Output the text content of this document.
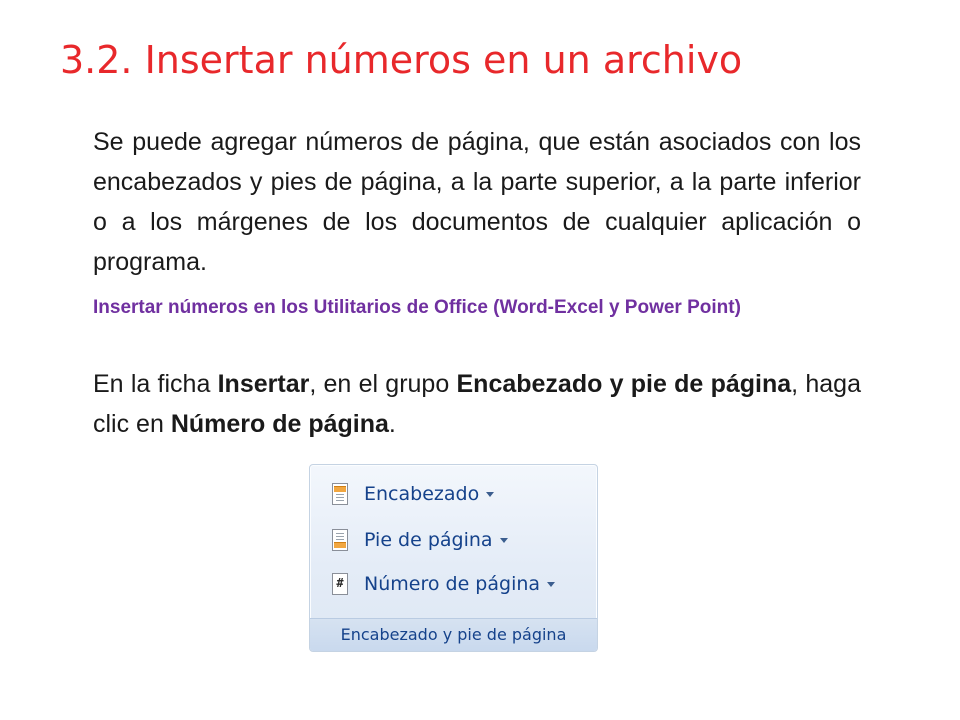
3.2. Insertar números en un archivo

Se puede agregar números de página, que están asociados con los encabezados y pies de página, a la parte superior, a la parte inferior o a los márgenes de los documentos de cualquier aplicación o programa.

Insertar números en los Utilitarios de Office (Word-Excel y Power Point)

En la ficha Insertar, en el grupo Encabezado y pie de página, haga clic en Número de página.

Encabezado
Pie de página
# Número de página
Encabezado y pie de página
